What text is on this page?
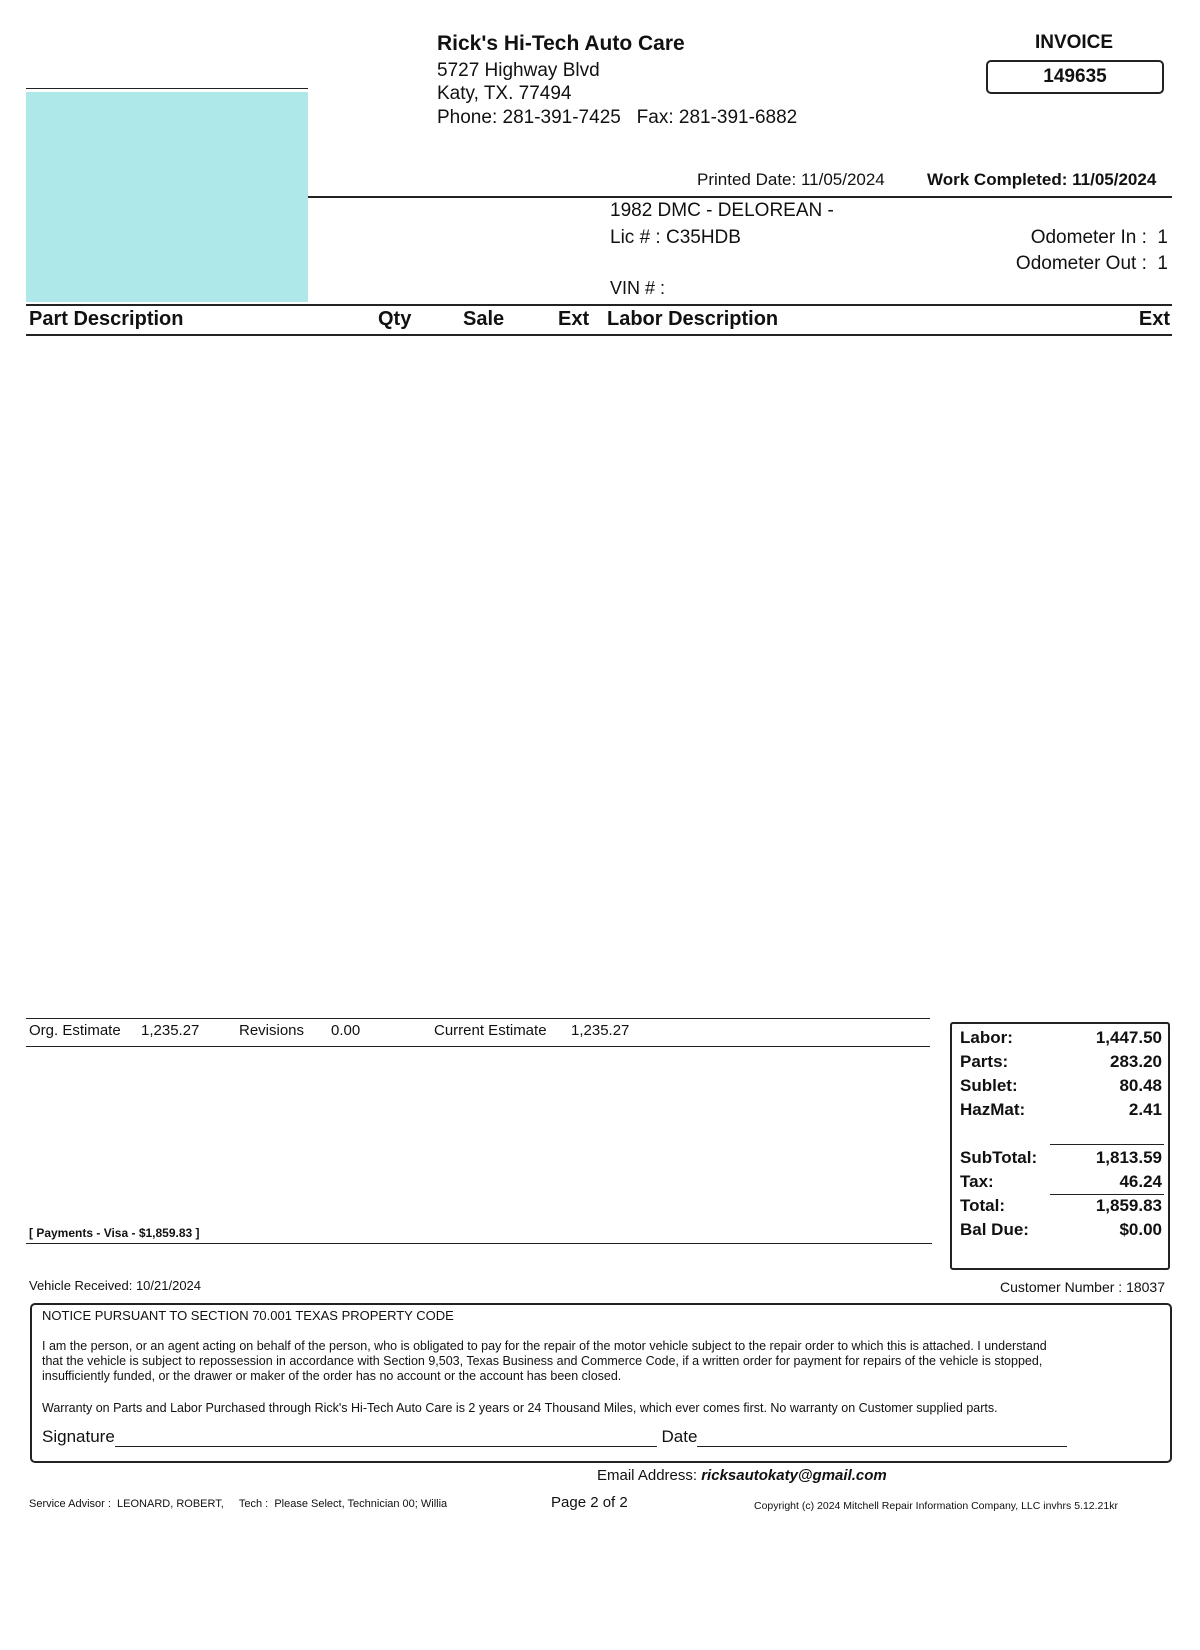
Rick's Hi-Tech Auto Care
5727 Highway Blvd
Katy, TX. 77494
Phone: 281-391-7425   Fax: 281-391-6882
INVOICE
149635
Printed Date: 11/05/2024 Work Completed: 11/05/2024
1982 DMC - DELOREAN -
Lic # : C35HDB
VIN # :
Odometer In :  1
Odometer Out :  1
Part Description	Qty	Sale	Ext Labor Description	Ext
Org. Estimate 1,235.27	Revisions 0.00	Current Estimate 1,235.27
[ Payments - Visa - $1,859.83 ]
Labor:	1,447.50
Parts:	283.20
Sublet:	80.48
HazMat:	2.41
SubTotal:	1,813.59
Tax:	46.24
Total:	1,859.83
Bal Due:	$0.00
Vehicle Received: 10/21/2024	Customer Number : 18037
NOTICE PURSUANT TO SECTION 70.001 TEXAS PROPERTY CODE
I am the person, or an agent acting on behalf of the person, who is obligated to pay for the repair of the motor vehicle subject to the repair order to which this is attached. I understand
that the vehicle is subject to repossession in accordance with Section 9,503, Texas Business and Commerce Code, if a written order for payment for repairs of the vehicle is stopped,
insufficiently funded, or the drawer or maker of the order has no account or the account has been closed.
Warranty on Parts and Labor Purchased through Rick's Hi-Tech Auto Care is 2 years or 24 Thousand Miles, which ever comes first. No warranty on Customer supplied parts.
Signature	Date
Email Address: ricksautokaty@gmail.com
Service Advisor :  LEONARD, ROBERT,     Tech :  Please Select, Technician 00; Willia	Page 2 of 2	Copyright (c) 2024 Mitchell Repair Information Company, LLC invhrs 5.12.21kr
